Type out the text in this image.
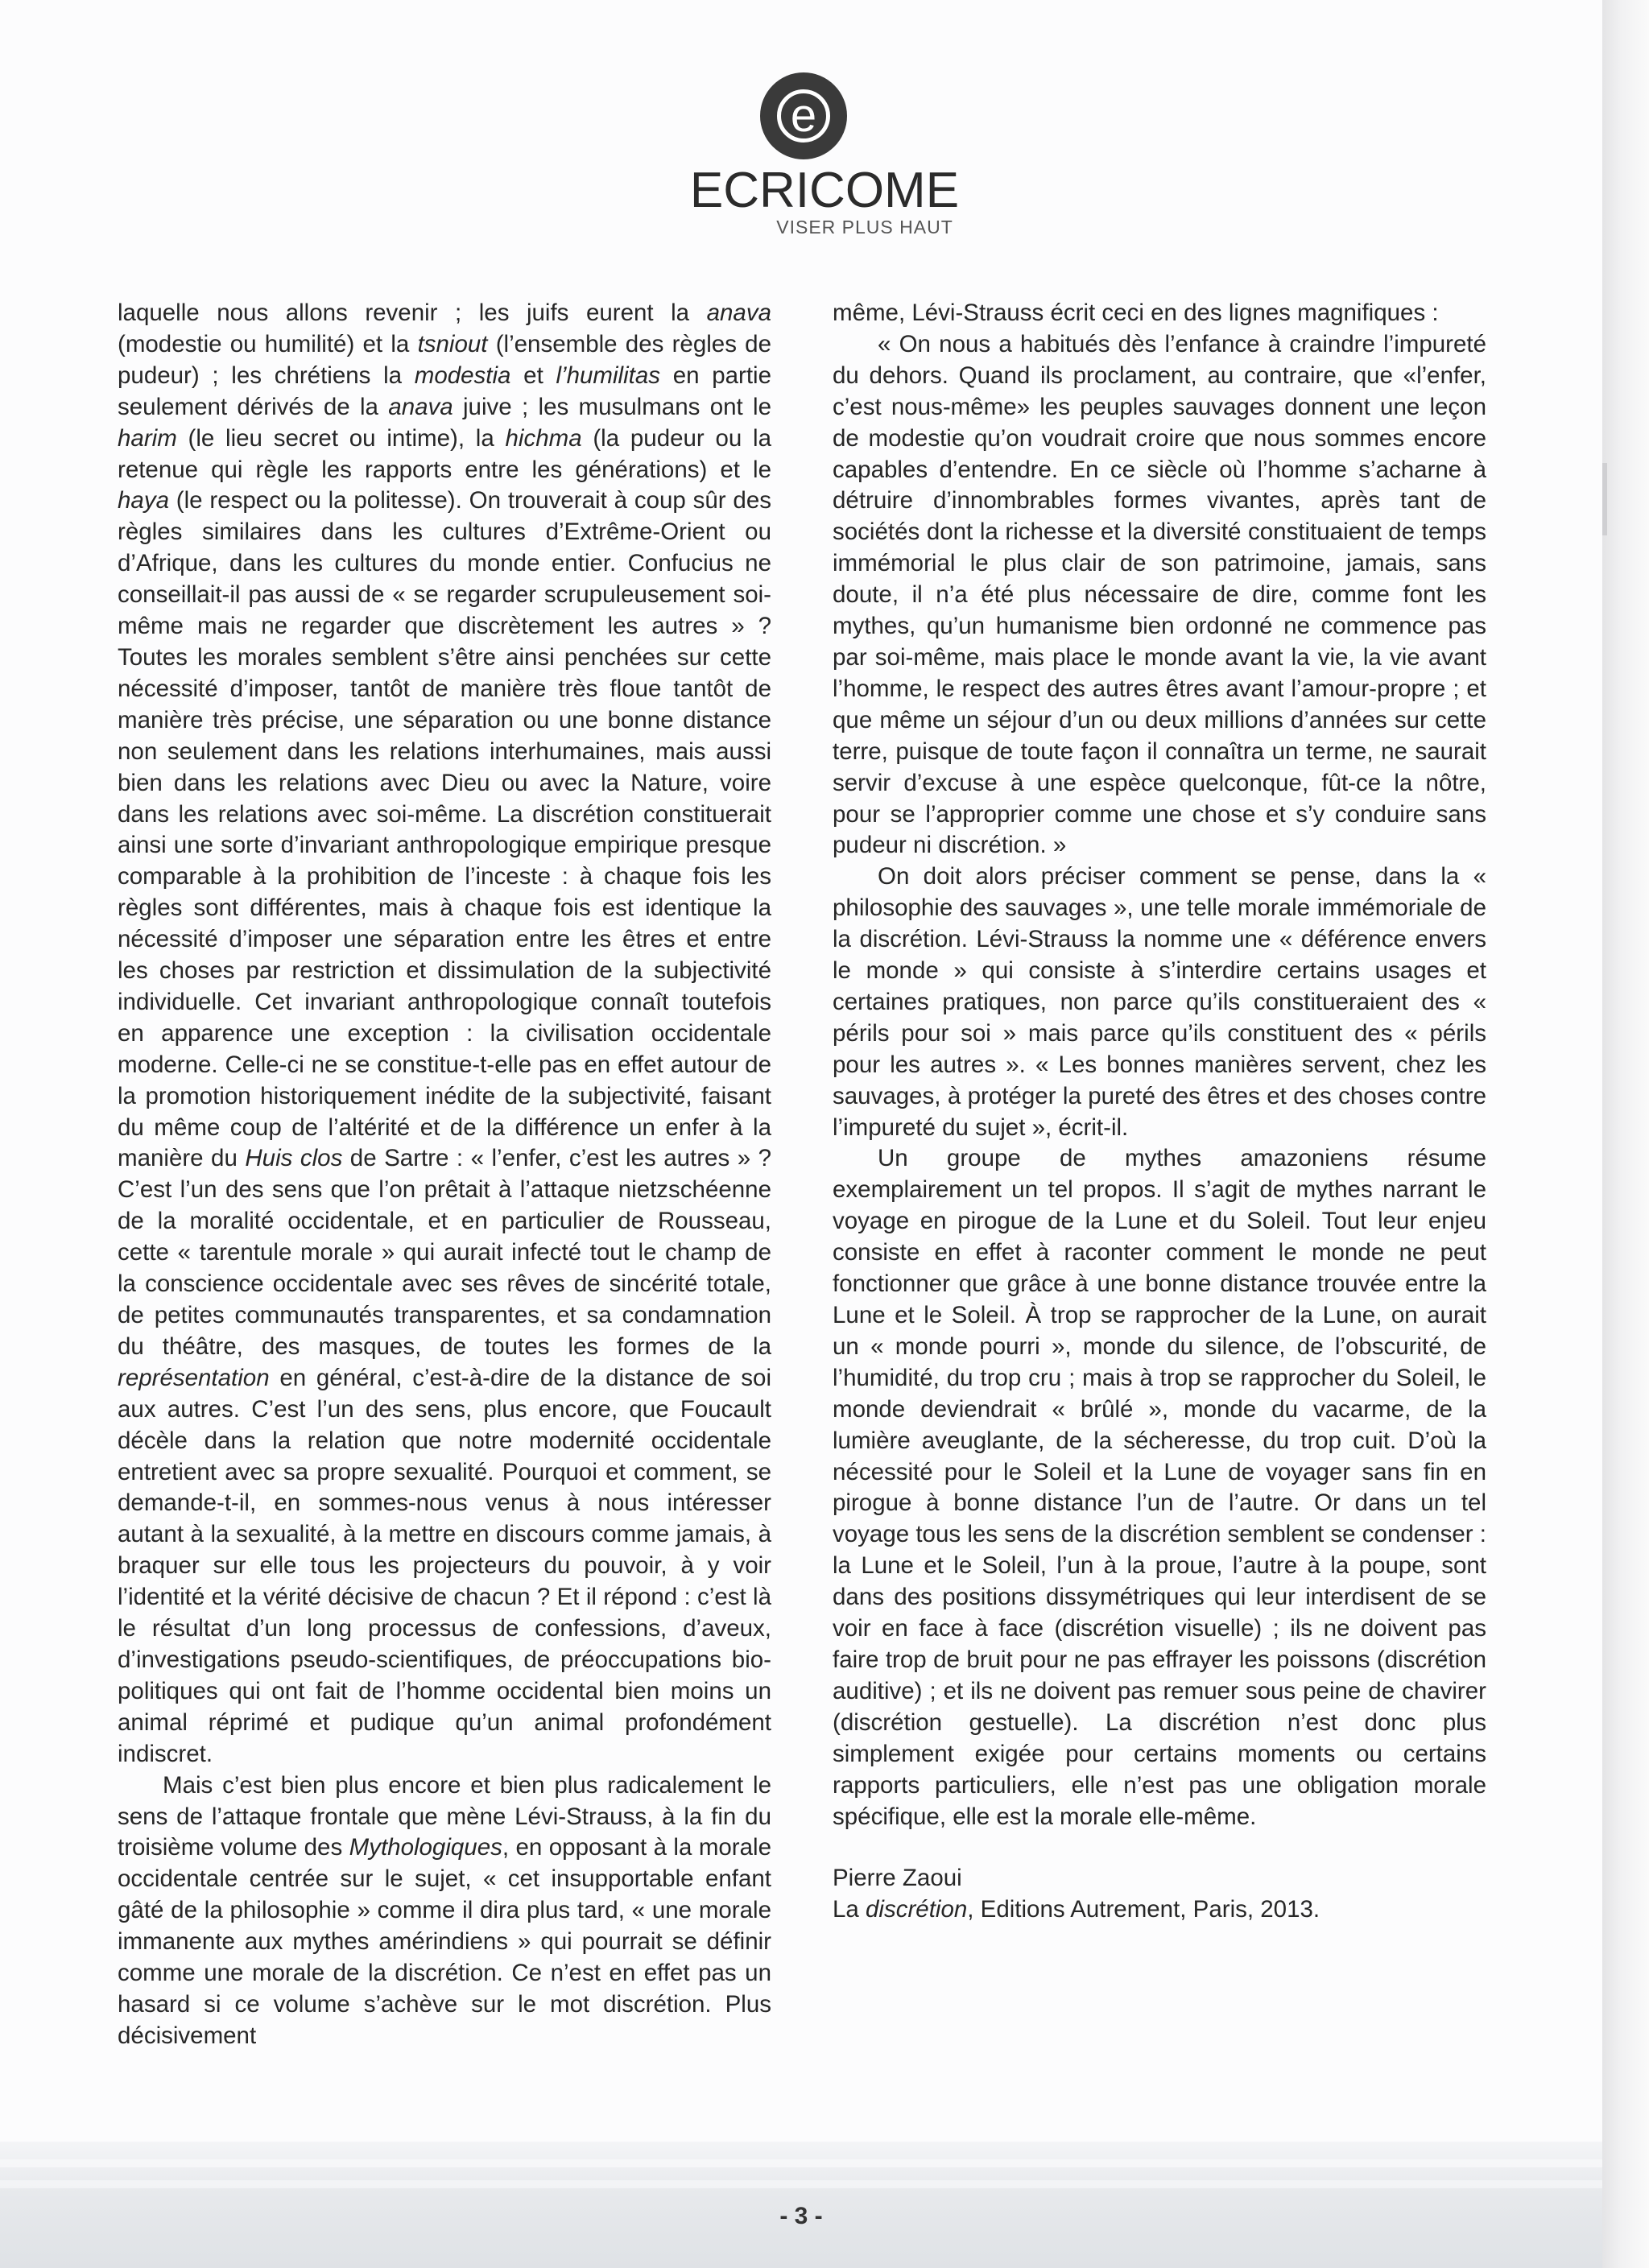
e
ECRICOME
VISER PLUS HAUT

laquelle nous allons revenir ; les juifs eurent la anava (modestie ou humilité) et la tsniout (l’ensemble des règles de pudeur) ; les chrétiens la modestia et l’humilitas en partie seulement dérivés de la anava juive ; les musulmans ont le harim (le lieu secret ou intime), la hichma (la pudeur ou la retenue qui règle les rapports entre les générations) et le haya (le respect ou la politesse). On trouverait à coup sûr des règles similaires dans les cultures d’Extrême-Orient ou d’Afrique, dans les cultures du monde entier. Confucius ne conseillait-il pas aussi de « se regarder scrupuleusement soi-même mais ne regarder que discrètement les autres » ? Toutes les morales semblent s’être ainsi penchées sur cette nécessité d’imposer, tantôt de manière très floue tantôt de manière très précise, une séparation ou une bonne distance non seulement dans les relations interhumaines, mais aussi bien dans les relations avec Dieu ou avec la Nature, voire dans les relations avec soi-même. La discrétion constituerait ainsi une sorte d’invariant anthropologique empirique presque comparable à la prohibition de l’inceste : à chaque fois les règles sont différentes, mais à chaque fois est identique la nécessité d’imposer une séparation entre les êtres et entre les choses par restriction et dissimulation de la subjectivité individuelle. Cet invariant anthropologique connaît toutefois en apparence une exception : la civilisation occidentale moderne. Celle-ci ne se constitue-t-elle pas en effet autour de la promotion historiquement inédite de la subjectivité, faisant du même coup de l’altérité et de la différence un enfer à la manière du Huis clos de Sartre : « l’enfer, c’est les autres » ? C’est l’un des sens que l’on prêtait à l’attaque nietzschéenne de la moralité occidentale, et en particulier de Rousseau, cette « tarentule morale » qui aurait infecté tout le champ de la conscience occidentale avec ses rêves de sincérité totale, de petites communautés transparentes, et sa condamnation du théâtre, des masques, de toutes les formes de la représentation en général, c’est-à-dire de la distance de soi aux autres. C’est l’un des sens, plus encore, que Foucault décèle dans la relation que notre modernité occidentale entretient avec sa propre sexualité. Pourquoi et comment, se demande-t-il, en sommes-nous venus à nous intéresser autant à la sexualité, à la mettre en discours comme jamais, à braquer sur elle tous les projecteurs du pouvoir, à y voir l’identité et la vérité décisive de chacun ? Et il répond : c’est là le résultat d’un long processus de confessions, d’aveux, d’investigations pseudo-scientifiques, de préoccupations bio-politiques qui ont fait de l’homme occidental bien moins un animal réprimé et pudique qu’un animal profondément indiscret.

Mais c’est bien plus encore et bien plus radicalement le sens de l’attaque frontale que mène Lévi-Strauss, à la fin du troisième volume des Mythologiques, en opposant à la morale occidentale centrée sur le sujet, « cet insupportable enfant gâté de la philosophie » comme il dira plus tard, « une morale immanente aux mythes amérindiens » qui pourrait se définir comme une morale de la discrétion. Ce n’est en effet pas un hasard si ce volume s’achève sur le mot discrétion. Plus décisivement

même, Lévi-Strauss écrit ceci en des lignes magnifiques :

« On nous a habitués dès l’enfance à craindre l’impureté du dehors. Quand ils proclament, au contraire, que «l’enfer, c’est nous-même» les peuples sauvages donnent une leçon de modestie qu’on voudrait croire que nous sommes encore capables d’entendre. En ce siècle où l’homme s’acharne à détruire d’innombrables formes vivantes, après tant de sociétés dont la richesse et la diversité constituaient de temps immémorial le plus clair de son patrimoine, jamais, sans doute, il n’a été plus nécessaire de dire, comme font les mythes, qu’un humanisme bien ordonné ne commence pas par soi-même, mais place le monde avant la vie, la vie avant l’homme, le respect des autres êtres avant l’amour-propre ; et que même un séjour d’un ou deux millions d’années sur cette terre, puisque de toute façon il connaîtra un terme, ne saurait servir d’excuse à une espèce quelconque, fût-ce la nôtre, pour se l’approprier comme une chose et s’y conduire sans pudeur ni discrétion. »

On doit alors préciser comment se pense, dans la « philosophie des sauvages », une telle morale immémoriale de la discrétion. Lévi-Strauss la nomme une « déférence envers le monde » qui consiste à s’interdire certains usages et certaines pratiques, non parce qu’ils constitueraient des « périls pour soi » mais parce qu’ils constituent des « périls pour les autres ». « Les bonnes manières servent, chez les sauvages, à protéger la pureté des êtres et des choses contre l’impureté du sujet », écrit-il.

Un groupe de mythes amazoniens résume exemplairement un tel propos. Il s’agit de mythes narrant le voyage en pirogue de la Lune et du Soleil. Tout leur enjeu consiste en effet à raconter comment le monde ne peut fonctionner que grâce à une bonne distance trouvée entre la Lune et le Soleil. À trop se rapprocher de la Lune, on aurait un « monde pourri », monde du silence, de l’obscurité, de l’humidité, du trop cru ; mais à trop se rapprocher du Soleil, le monde deviendrait « brûlé », monde du vacarme, de la lumière aveuglante, de la sécheresse, du trop cuit. D’où la nécessité pour le Soleil et la Lune de voyager sans fin en pirogue à bonne distance l’un de l’autre. Or dans un tel voyage tous les sens de la discrétion semblent se condenser : la Lune et le Soleil, l’un à la proue, l’autre à la poupe, sont dans des positions dissymétriques qui leur interdisent de se voir en face à face (discrétion visuelle) ; ils ne doivent pas faire trop de bruit pour ne pas effrayer les poissons (discrétion auditive) ; et ils ne doivent pas remuer sous peine de chavirer (discrétion gestuelle). La discrétion n’est donc plus simplement exigée pour certains moments ou certains rapports particuliers, elle n’est pas une obligation morale spécifique, elle est la morale elle-même.

Pierre Zaoui

La discrétion, Editions Autrement, Paris, 2013.

- 3 -
